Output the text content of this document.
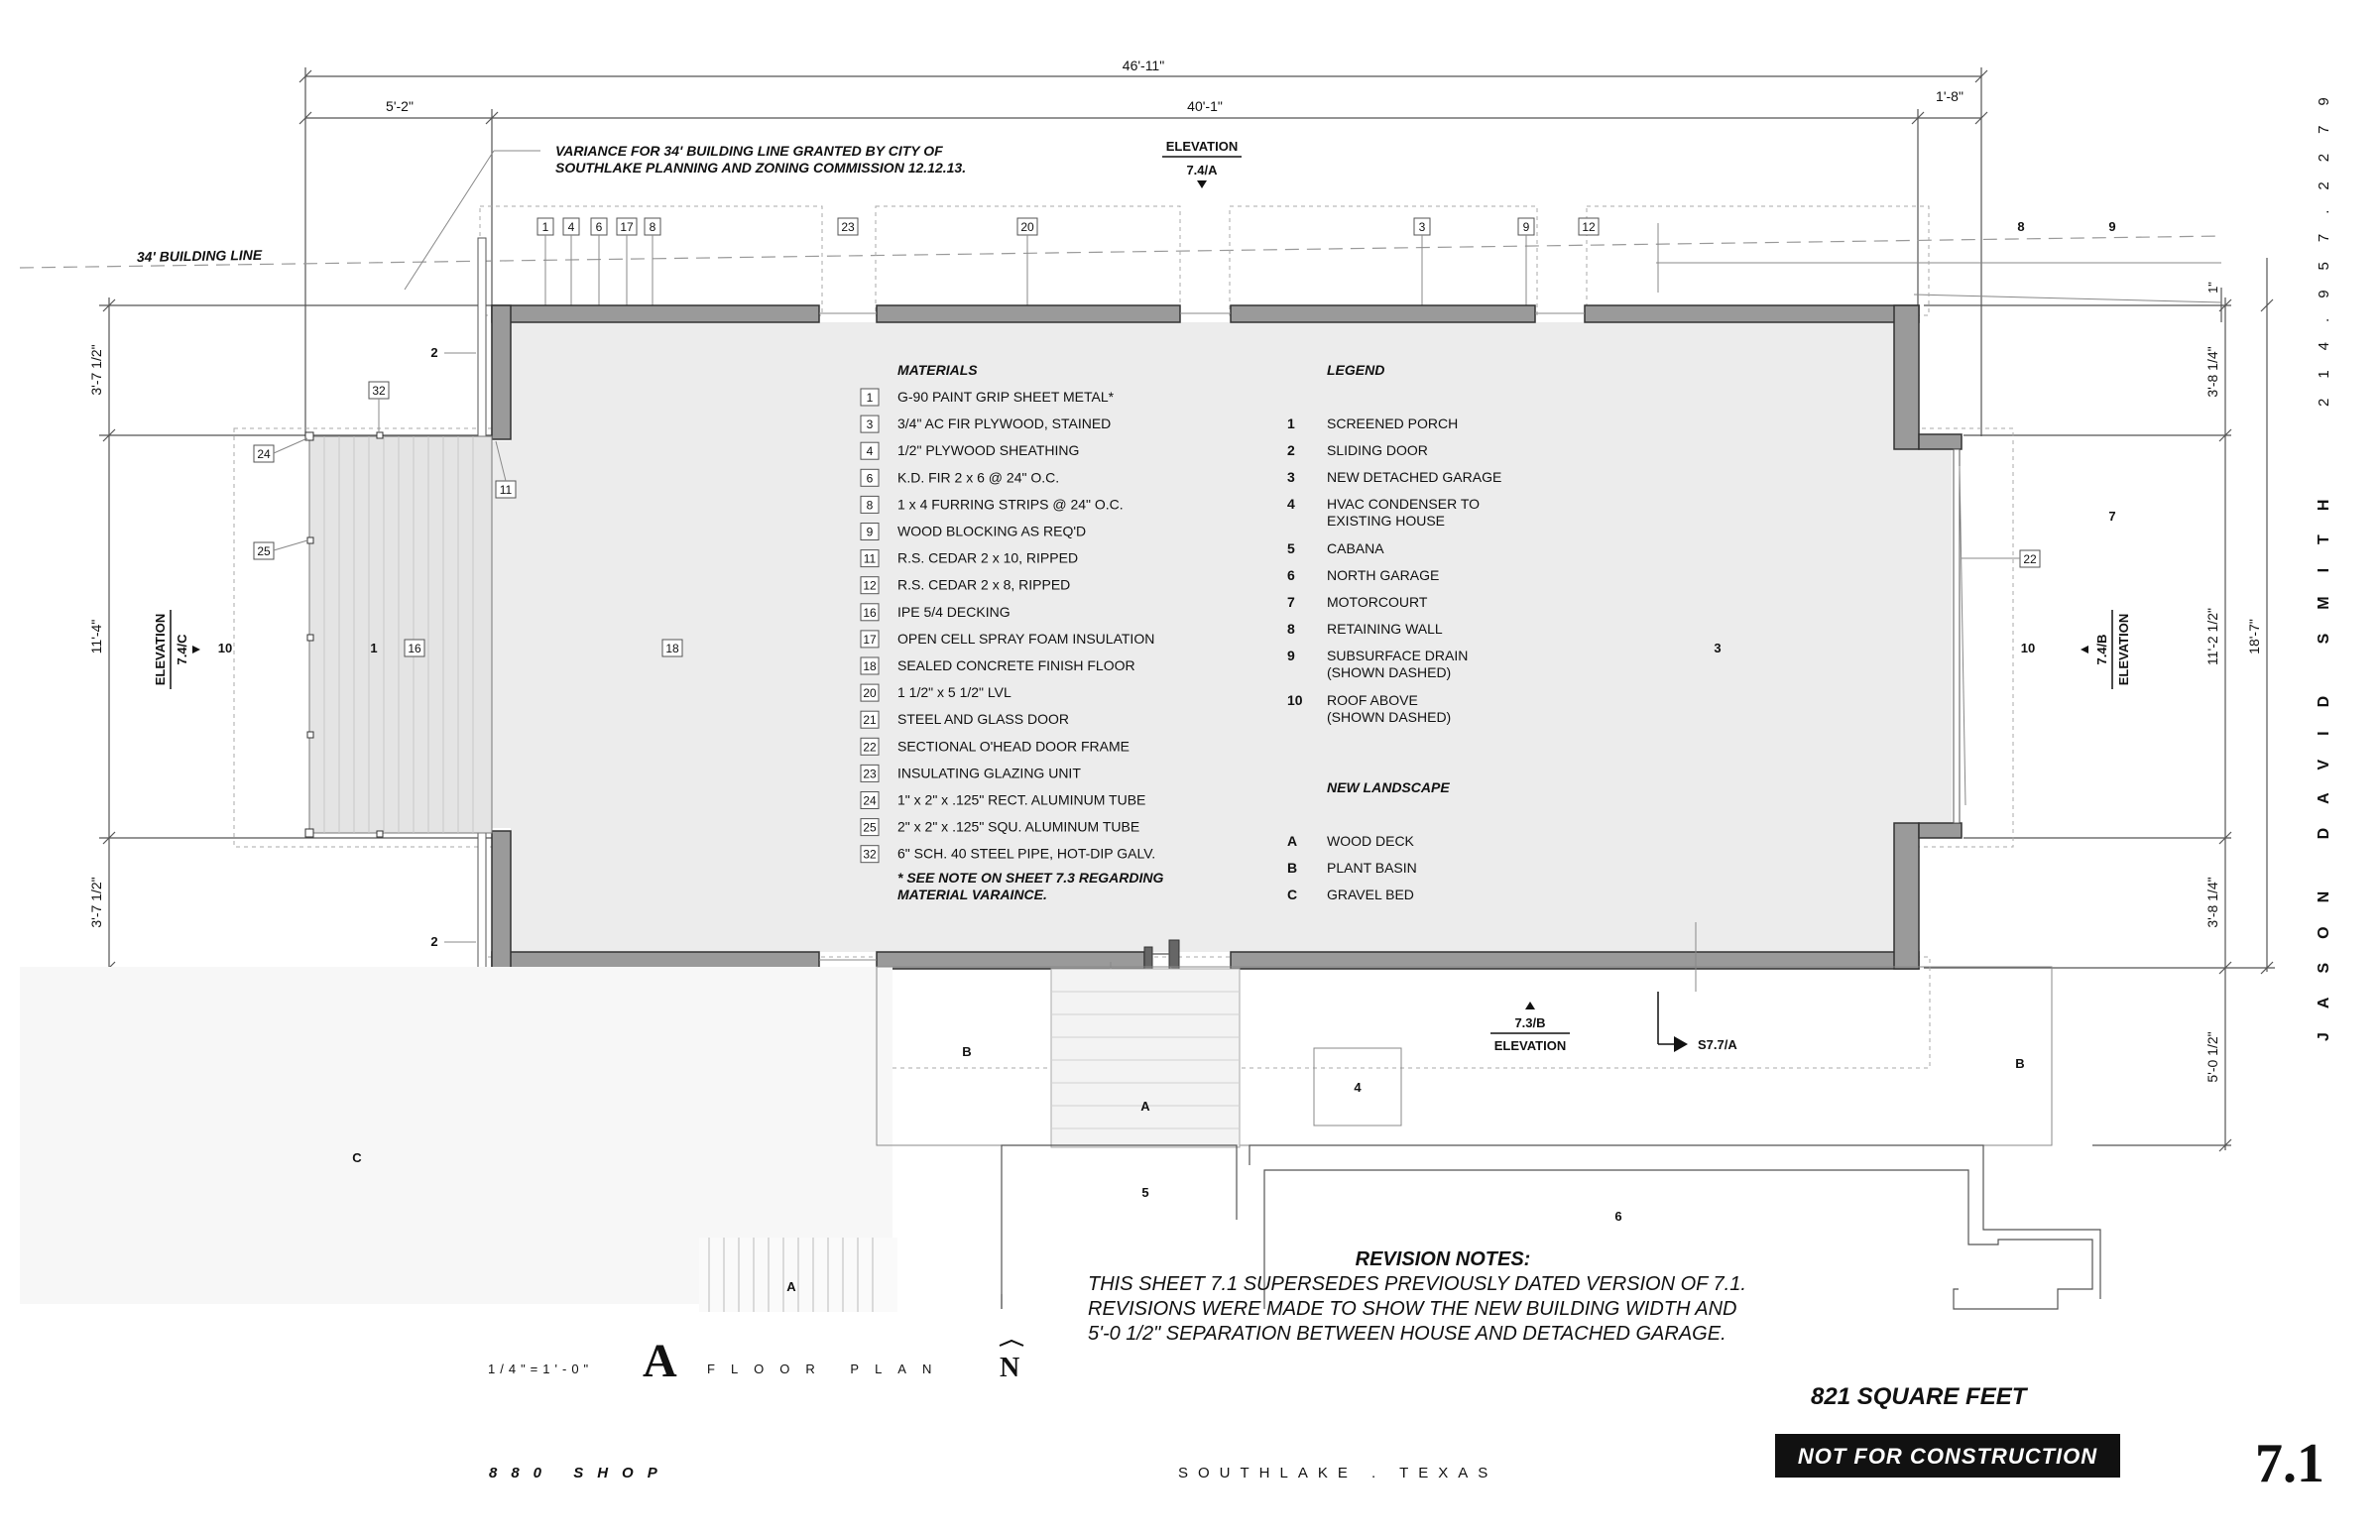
46'-11"
5'-2"	40'-1"
1'-8"
3'-7 1/2"
11'-4"
3'-7 1/2"
1"
3'-8 1/4"
11'-2 1/2" 18'-7"
3'-8 1/4"
5'-0 1/2"
34' BUILDING LINE
VARIANCE FOR 34' BUILDING LINE GRANTED BY CITY OF
SOUTHLAKE PLANNING AND ZONING COMMISSION 12.12.13.
1 4 6 17 8	23	20	3	9	12	8	9
32
24
25
11
16	18
22
2
2
10	10
1	3
7
ELEVATION
7.4/A
ELEVATION 7.4/C	7.4/B ELEVATION
7.3/B
ELEVATION	S7.7/A
B
A
4
B
C
5
6
A
MATERIALS
1 G-90 PAINT GRIP SHEET METAL*
3 3/4" AC FIR PLYWOOD, STAINED
4 1/2" PLYWOOD SHEATHING
6 K.D. FIR 2 x 6 @ 24" O.C.
8 1 x 4 FURRING STRIPS @ 24" O.C.
9 WOOD BLOCKING AS REQ'D
11 R.S. CEDAR 2 x 10, RIPPED
12 R.S. CEDAR 2 x 8, RIPPED
16 IPE 5/4 DECKING
17 OPEN CELL SPRAY FOAM INSULATION
18 SEALED CONCRETE FINISH FLOOR
20 1 1/2" x 5 1/2" LVL
21 STEEL AND GLASS DOOR
22 SECTIONAL O'HEAD DOOR FRAME
23 INSULATING GLAZING UNIT
24 1" x 2" x .125" RECT. ALUMINUM TUBE
25 2" x 2" x .125" SQU. ALUMINUM TUBE
32 6" SCH. 40 STEEL PIPE, HOT-DIP GALV.
* SEE NOTE ON SHEET 7.3 REGARDING
MATERIAL VARAINCE.
LEGEND
1 SCREENED PORCH
2 SLIDING DOOR
3 NEW DETACHED GARAGE
4 HVAC CONDENSER TO
EXISTING HOUSE
5 CABANA
6 NORTH GARAGE
7 MOTORCOURT
8 RETAINING WALL
9 SUBSURFACE DRAIN
(SHOWN DASHED)
10 ROOF ABOVE
(SHOWN DASHED)
NEW LANDSCAPE
A WOOD DECK
B PLANT BASIN
C GRAVEL BED
REVISION NOTES:
THIS SHEET 7.1 SUPERSEDES PREVIOUSLY DATED VERSION OF 7.1.
REVISIONS WERE MADE TO SHOW THE NEW BUILDING WIDTH AND
5'-0 1/2" SEPARATION BETWEEN HOUSE AND DETACHED GARAGE.
1/4"=1'-0" A FLOOR PLAN N
880 SHOP	SOUTHLAKE . TEXAS
821 SQUARE FEET
NOT FOR CONSTRUCTION	7.1
JASON DAVID SMITH
214.957.2279
